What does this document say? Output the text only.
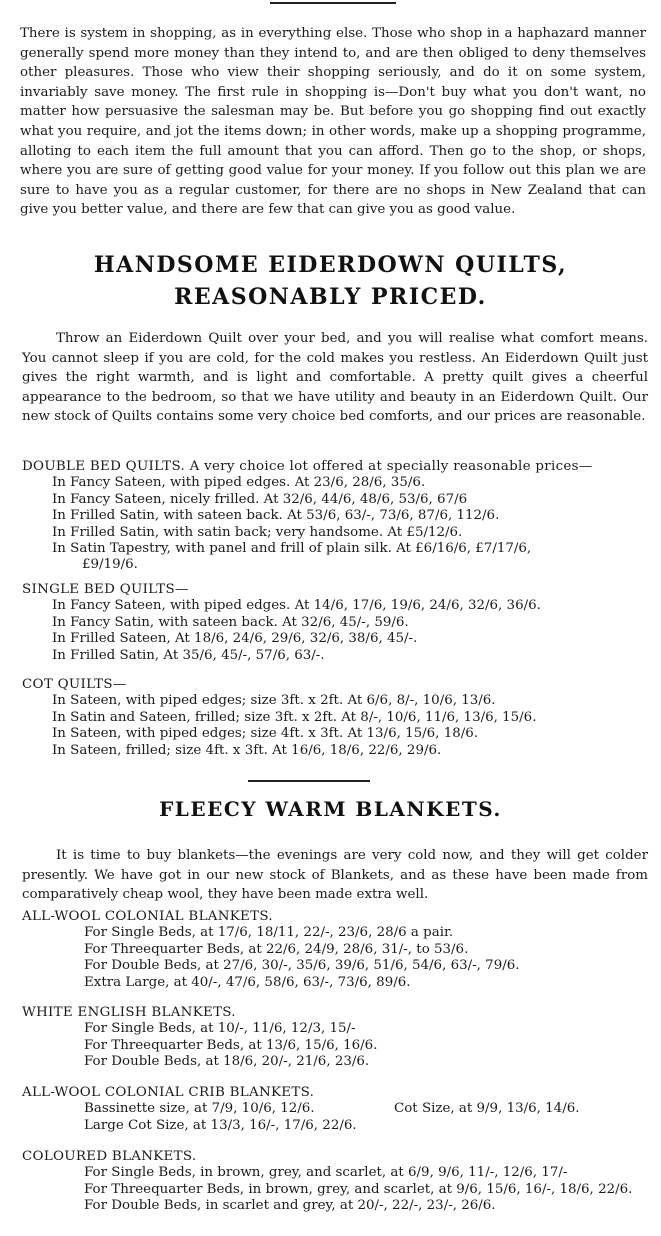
There is system in shopping, as in everything else. Those who shop in a haphazard manner generally spend more money than they intend to, and are then obliged to deny themselves other pleasures. Those who view their shopping seriously, and do it on some system, invariably save money. The first rule in shopping is—Don't buy what you don't want, no matter how persuasive the salesman may be. But before you go shopping find out exactly what you require, and jot the items down; in other words, make up a shopping programme, alloting to each item the full amount that you can afford. Then go to the shop, or shops, where you are sure of getting good value for your money. If you follow out this plan we are sure to have you as a regular customer, for there are no shops in New Zealand that can give you better value, and there are few that can give you as good value.
HANDSOME EIDERDOWN QUILTS,
REASONABLY PRICED.
Throw an Eiderdown Quilt over your bed, and you will realise what comfort means. You cannot sleep if you are cold, for the cold makes you restless. An Eiderdown Quilt just gives the right warmth, and is light and comfortable. A pretty quilt gives a cheerful appearance to the bedroom, so that we have utility and beauty in an Eiderdown Quilt. Our new stock of Quilts contains some very choice bed comforts, and our prices are reasonable.
DOUBLE BED QUILTS. A very choice lot offered at specially reasonable prices—
In Fancy Sateen, with piped edges. At 23/6, 28/6, 35/6.
In Fancy Sateen, nicely frilled. At 32/6, 44/6, 48/6, 53/6, 67/6
In Frilled Satin, with sateen back. At 53/6, 63/-, 73/6, 87/6, 112/6.
In Frilled Satin, with satin back; very handsome. At £5/12/6.
In Satin Tapestry, with panel and frill of plain silk. At £6/16/6, £7/17/6,
£9/19/6.
SINGLE BED QUILTS—
In Fancy Sateen, with piped edges. At 14/6, 17/6, 19/6, 24/6, 32/6, 36/6.
In Fancy Satin, with sateen back. At 32/6, 45/-, 59/6.
In Frilled Sateen, At 18/6, 24/6, 29/6, 32/6, 38/6, 45/-.
In Frilled Satin, At 35/6, 45/-, 57/6, 63/-.
COT QUILTS—
In Sateen, with piped edges; size 3ft. x 2ft. At 6/6, 8/-, 10/6, 13/6.
In Satin and Sateen, frilled; size 3ft. x 2ft. At 8/-, 10/6, 11/6, 13/6, 15/6.
In Sateen, with piped edges; size 4ft. x 3ft. At 13/6, 15/6, 18/6.
In Sateen, frilled; size 4ft. x 3ft. At 16/6, 18/6, 22/6, 29/6.
FLEECY WARM BLANKETS.
It is time to buy blankets—the evenings are very cold now, and they will get colder presently. We have got in our new stock of Blankets, and as these have been made from comparatively cheap wool, they have been made extra well.
ALL-WOOL COLONIAL BLANKETS.
For Single Beds, at 17/6, 18/11, 22/-, 23/6, 28/6 a pair.
For Threequarter Beds, at 22/6, 24/9, 28/6, 31/-, to 53/6.
For Double Beds, at 27/6, 30/-, 35/6, 39/6, 51/6, 54/6, 63/-, 79/6.
Extra Large, at 40/-, 47/6, 58/6, 63/-, 73/6, 89/6.
WHITE ENGLISH BLANKETS.
For Single Beds, at 10/-, 11/6, 12/3, 15/-
For Threequarter Beds, at 13/6, 15/6, 16/6.
For Double Beds, at 18/6, 20/-, 21/6, 23/6.
ALL-WOOL COLONIAL CRIB BLANKETS.
Bassinette size, at 7/9, 10/6, 12/6.	Cot Size, at 9/9, 13/6, 14/6.
Large Cot Size, at 13/3, 16/-, 17/6, 22/6.
COLOURED BLANKETS.
For Single Beds, in brown, grey, and scarlet, at 6/9, 9/6, 11/-, 12/6, 17/-
For Threequarter Beds, in brown, grey, and scarlet, at 9/6, 15/6, 16/-, 18/6, 22/6.
For Double Beds, in scarlet and grey, at 20/-, 22/-, 23/-, 26/6.
